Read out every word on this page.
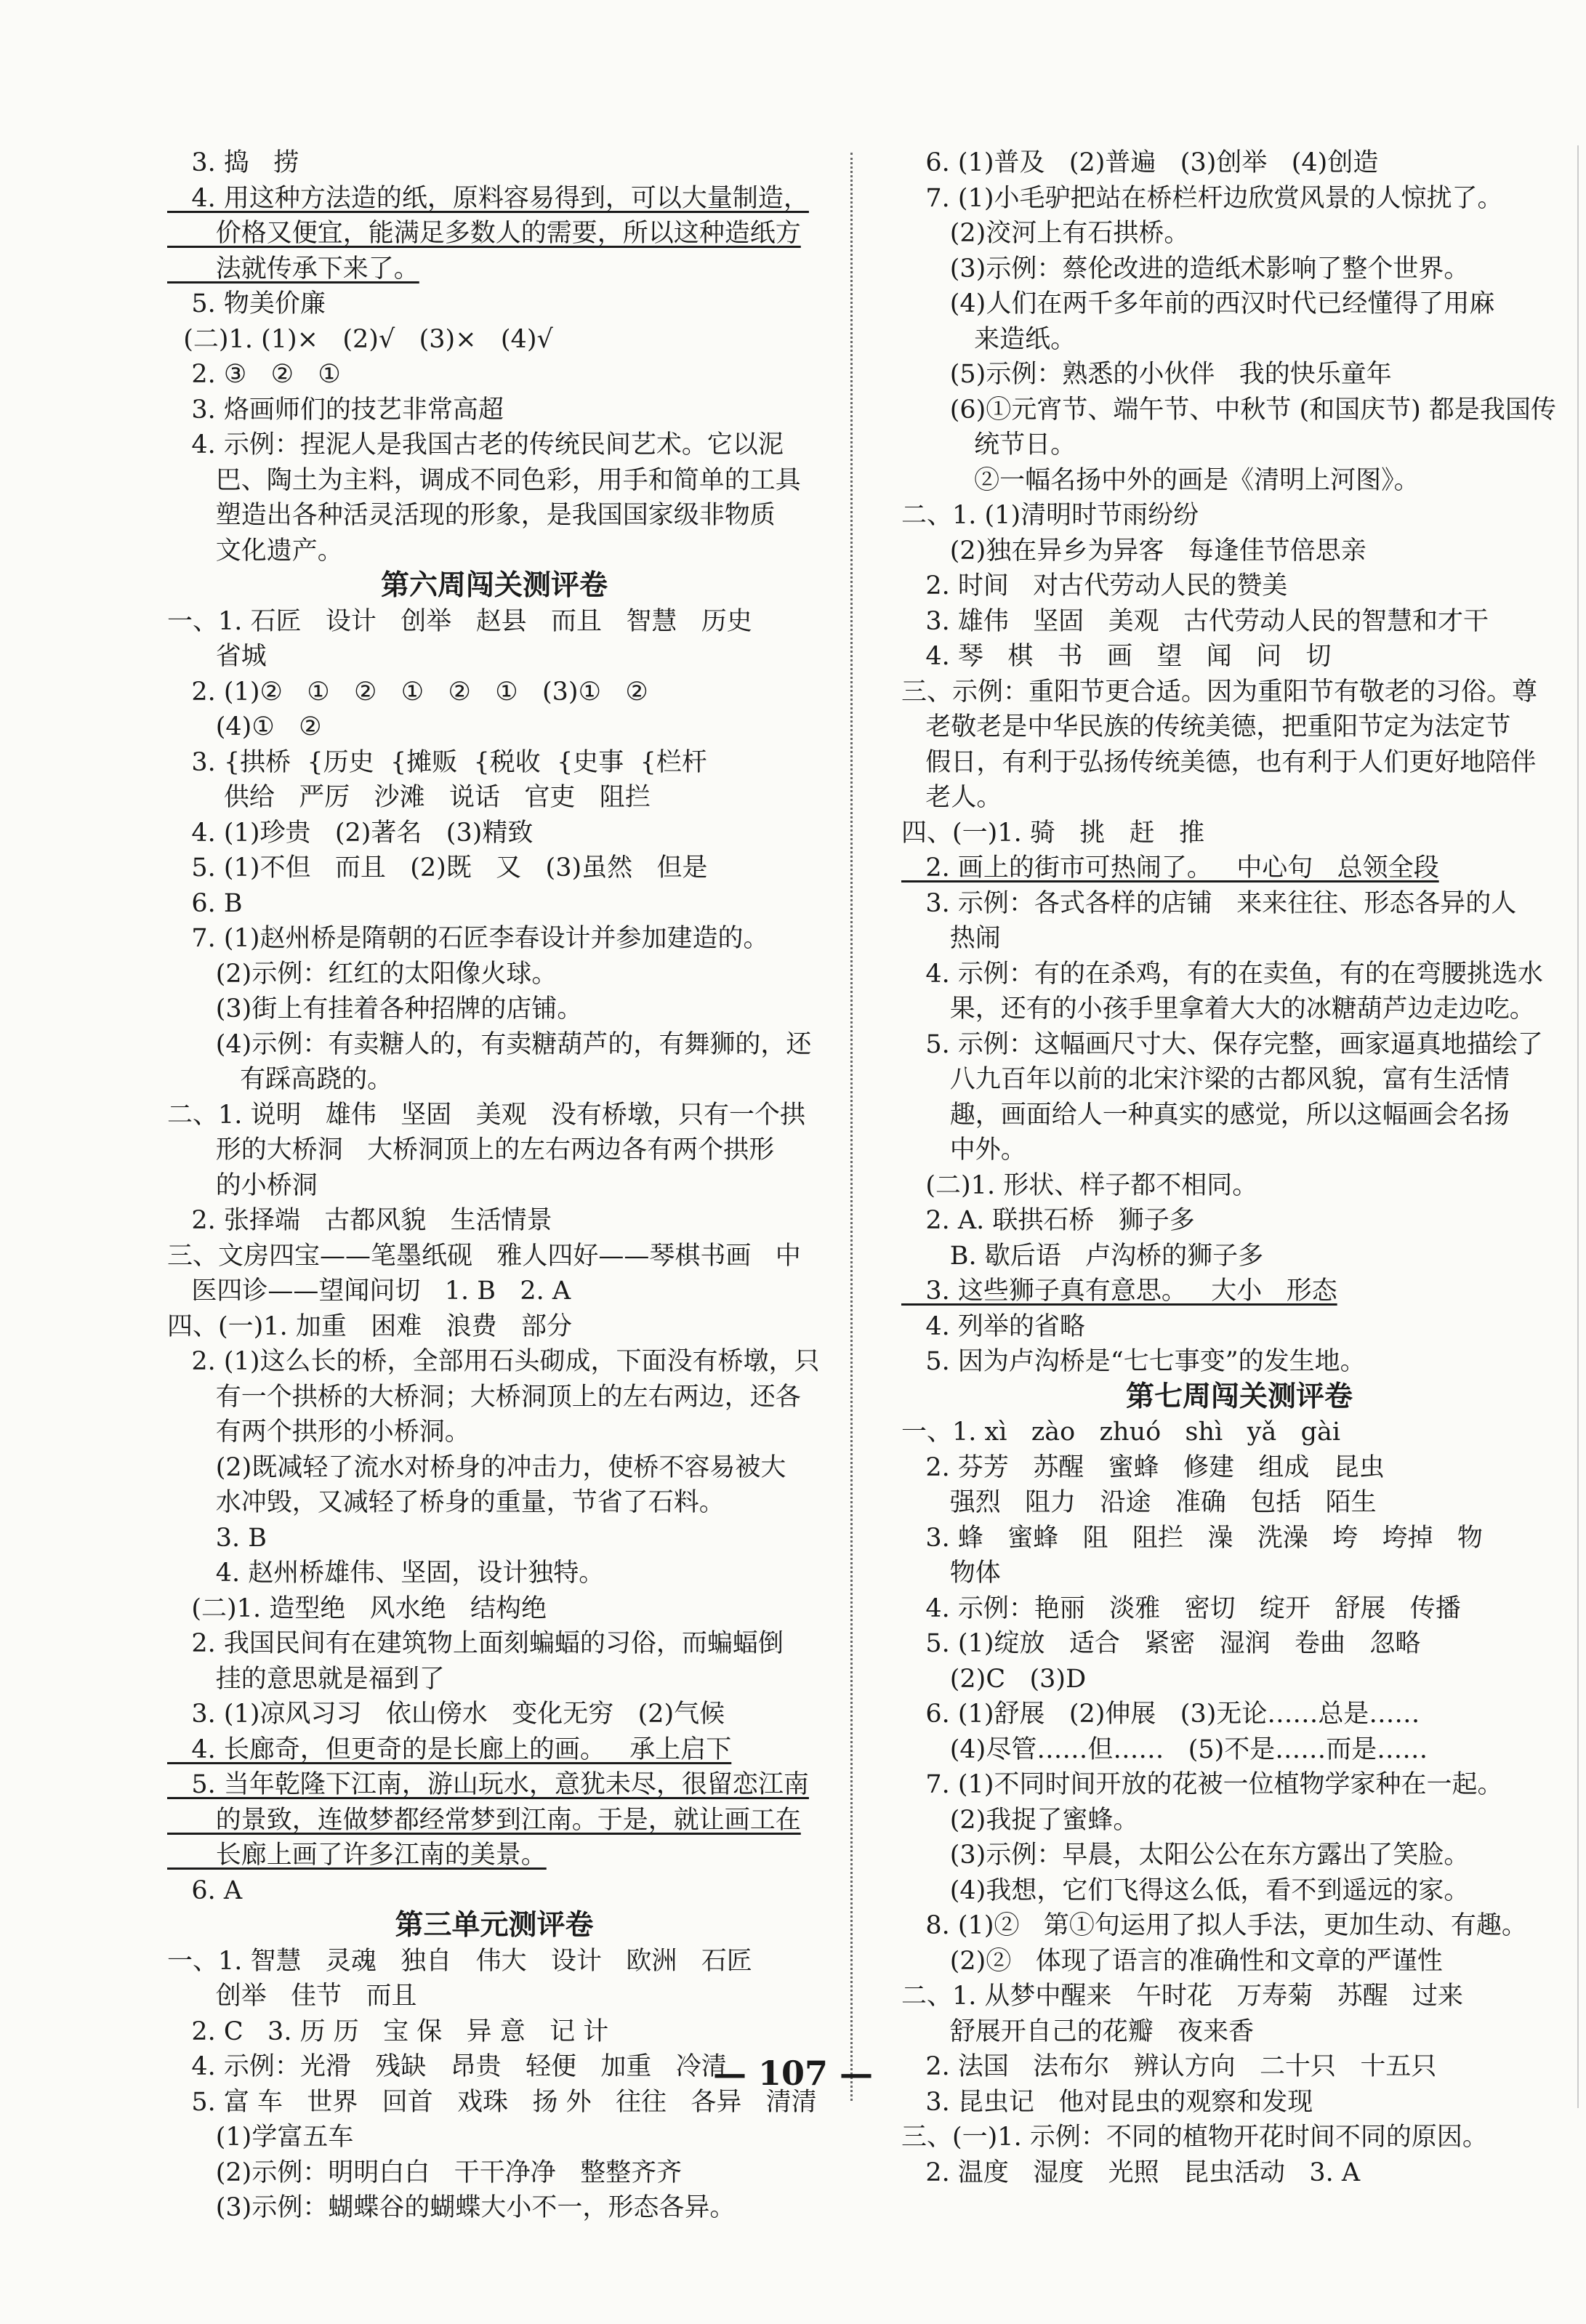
3. 捣   捞
4. 用这种方法造的纸，原料容易得到，可以大量制造，
价格又便宜，能满足多数人的需要，所以这种造纸方
法就传承下来了。
5. 物美价廉
(二)1. (1)×   (2)√   (3)×   (4)√
2. ③   ②   ①
3. 烙画师们的技艺非常高超
4. 示例：捏泥人是我国古老的传统民间艺术。它以泥
巴、陶土为主料，调成不同色彩，用手和简单的工具
塑造出各种活灵活现的形象，是我国国家级非物质
文化遗产。
第六周闯关测评卷
一、1. 石匠   设计   创举   赵县   而且   智慧   历史
省城
2. (1)②   ①   ②   ①   ②   ①   (3)①   ②
(4)①   ②
3. {拱桥  {历史  {摊贩  {税收  {史事  {栏杆
供给   严厉   沙滩   说话   官吏   阻拦
4. (1)珍贵   (2)著名   (3)精致
5. (1)不但   而且   (2)既   又   (3)虽然   但是
6. B
7. (1)赵州桥是隋朝的石匠李春设计并参加建造的。
(2)示例：红红的太阳像火球。
(3)街上有挂着各种招牌的店铺。
(4)示例：有卖糖人的，有卖糖葫芦的，有舞狮的，还
有踩高跷的。
二、1. 说明   雄伟   坚固   美观   没有桥墩，只有一个拱
形的大桥洞   大桥洞顶上的左右两边各有两个拱形
的小桥洞
2. 张择端   古都风貌   生活情景
三、文房四宝——笔墨纸砚   雅人四好——琴棋书画   中
医四诊——望闻问切   1. B   2. A
四、(一)1. 加重   困难   浪费   部分
2. (1)这么长的桥，全部用石头砌成，下面没有桥墩，只
有一个拱桥的大桥洞；大桥洞顶上的左右两边，还各
有两个拱形的小桥洞。
(2)既减轻了流水对桥身的冲击力，使桥不容易被大
水冲毁，又减轻了桥身的重量，节省了石料。
3. B
4. 赵州桥雄伟、坚固，设计独特。
(二)1. 造型绝   风水绝   结构绝
2. 我国民间有在建筑物上面刻蝙蝠的习俗，而蝙蝠倒
挂的意思就是福到了
3. (1)凉风习习   依山傍水   变化无穷   (2)气候
4. 长廊奇，但更奇的是长廊上的画。   承上启下
5. 当年乾隆下江南，游山玩水，意犹未尽，很留恋江南
的景致，连做梦都经常梦到江南。于是，就让画工在
长廊上画了许多江南的美景。
6. A
第三单元测评卷
一、1. 智慧   灵魂   独自   伟大   设计   欧洲   石匠
创举   佳节   而且
2. C   3. 历 历   宝 保   异 意   记 计
4. 示例：光滑   残缺   昂贵   轻便   加重   冷清
5. 富 车   世界   回首   戏珠   扬 外   往往   各异   清清
(1)学富五车
(2)示例：明明白白   干干净净   整整齐齐
(3)示例：蝴蝶谷的蝴蝶大小不一，形态各异。
6. (1)普及   (2)普遍   (3)创举   (4)创造
7. (1)小毛驴把站在桥栏杆边欣赏风景的人惊扰了。
(2)洨河上有石拱桥。
(3)示例：蔡伦改进的造纸术影响了整个世界。
(4)人们在两千多年前的西汉时代已经懂得了用麻
来造纸。
(5)示例：熟悉的小伙伴   我的快乐童年
(6)①元宵节、端午节、中秋节 (和国庆节) 都是我国传
统节日。
②一幅名扬中外的画是《清明上河图》。
二、1. (1)清明时节雨纷纷
(2)独在异乡为异客   每逢佳节倍思亲
2. 时间   对古代劳动人民的赞美
3. 雄伟   坚固   美观   古代劳动人民的智慧和才干
4. 琴   棋   书   画   望   闻   问   切
三、示例：重阳节更合适。因为重阳节有敬老的习俗。尊
老敬老是中华民族的传统美德，把重阳节定为法定节
假日，有利于弘扬传统美德，也有利于人们更好地陪伴
老人。
四、(一)1. 骑   挑   赶   推
2. 画上的街市可热闹了。   中心句   总领全段
3. 示例：各式各样的店铺   来来往往、形态各异的人
热闹
4. 示例：有的在杀鸡，有的在卖鱼，有的在弯腰挑选水
果，还有的小孩手里拿着大大的冰糖葫芦边走边吃。
5. 示例：这幅画尺寸大、保存完整，画家逼真地描绘了
八九百年以前的北宋汴梁的古都风貌，富有生活情
趣，画面给人一种真实的感觉，所以这幅画会名扬
中外。
(二)1. 形状、样子都不相同。
2. A. 联拱石桥   狮子多
B. 歇后语   卢沟桥的狮子多
3. 这些狮子真有意思。   大小   形态
4. 列举的省略
5. 因为卢沟桥是“七七事变”的发生地。
第七周闯关测评卷
一、1. xì   zào   zhuó   shì   yǎ   gài
2. 芬芳   苏醒   蜜蜂   修建   组成   昆虫
强烈   阻力   沿途   准确   包括   陌生
3. 蜂   蜜蜂   阻   阻拦   澡   洗澡   垮   垮掉   物
物体
4. 示例：艳丽   淡雅   密切   绽开   舒展   传播
5. (1)绽放   适合   紧密   湿润   卷曲   忽略
(2)C   (3)D
6. (1)舒展   (2)伸展   (3)无论……总是……
(4)尽管……但……   (5)不是……而是……
7. (1)不同时间开放的花被一位植物学家种在一起。
(2)我捉了蜜蜂。
(3)示例：早晨，太阳公公在东方露出了笑脸。
(4)我想，它们飞得这么低，看不到遥远的家。
8. (1)②   第①句运用了拟人手法，更加生动、有趣。
(2)②   体现了语言的准确性和文章的严谨性
二、1. 从梦中醒来   午时花   万寿菊   苏醒   过来
舒展开自己的花瓣   夜来香
2. 法国   法布尔   辨认方向   二十只   十五只
3. 昆虫记   他对昆虫的观察和发现
三、(一)1. 示例：不同的植物开花时间不同的原因。
2. 温度   湿度   光照   昆虫活动   3. A
— 107 —
